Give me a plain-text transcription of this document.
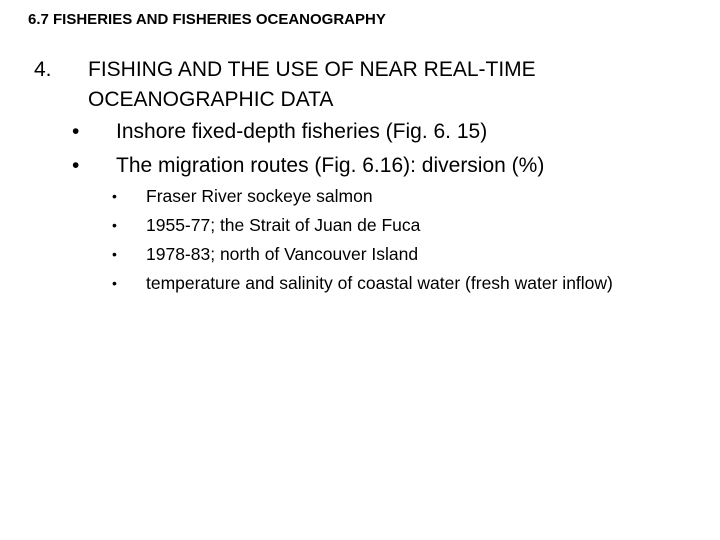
6.7 FISHERIES AND FISHERIES OCEANOGRAPHY
4. FISHING AND THE USE OF NEAR REAL-TIME OCEANOGRAPHIC DATA
• Inshore fixed-depth fisheries (Fig. 6. 15)
• The migration routes (Fig. 6.16): diversion (%)
• Fraser River sockeye salmon
• 1955-77; the Strait of Juan de Fuca
• 1978-83; north of Vancouver Island
• temperature and salinity of coastal water (fresh water inflow)
